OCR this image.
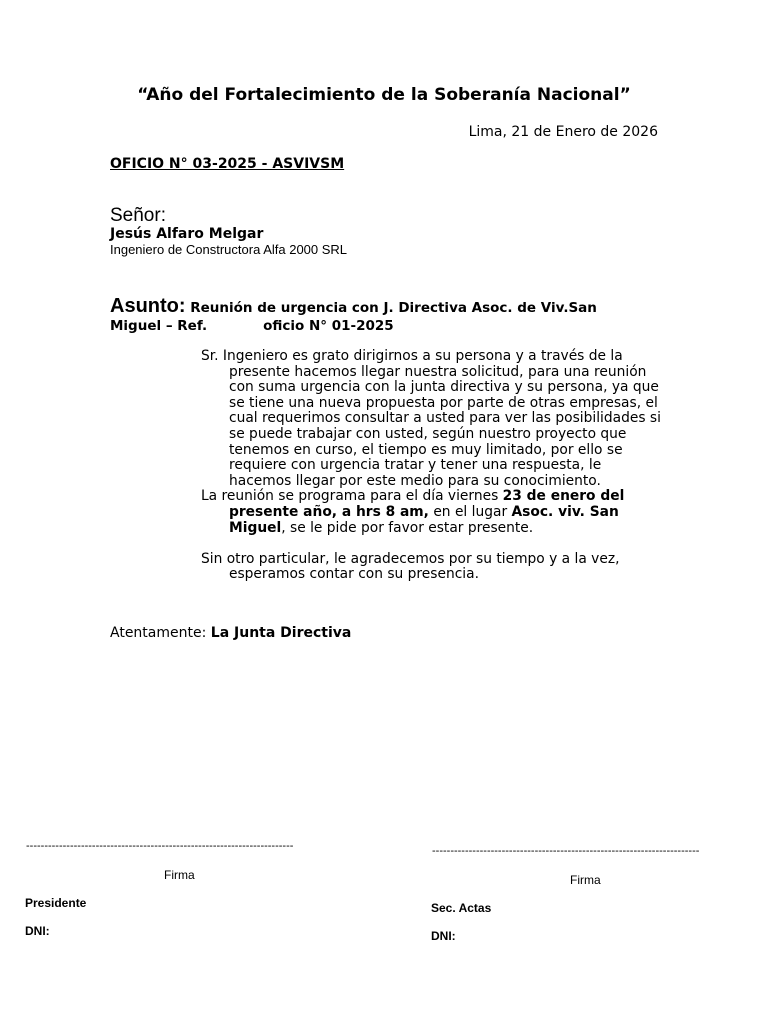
“Año del Fortalecimiento de la Soberanía Nacional”
Lima, 21 de Enero de 2026
OFICIO N° 03-2025 - ASVIVSM
Señor:
Jesús Alfaro Melgar
Ingeniero de Constructora Alfa 2000 SRL
Asunto: Reunión de urgencia con J. Directiva Asoc. de Viv.San
Miguel – Ref.	oficio N° 01-2025

Sr. Ingeniero es grato dirigirnos a su persona y a través de la presente hacemos llegar nuestra solicitud, para una reunión con suma urgencia con la junta directiva y su persona, ya que se tiene una nueva propuesta por parte de otras empresas, el cual requerimos consultar a usted para ver las posibilidades si se puede trabajar con usted, según nuestro proyecto que tenemos en curso, el tiempo es muy limitado, por ello se requiere con urgencia tratar y tener una respuesta, le hacemos llegar por este medio para su conocimiento.

La reunión se programa para el día viernes 23 de enero del presente año, a hrs 8 am, en el lugar Asoc. viv. San Miguel, se le pide por favor estar presente.

Sin otro particular, le agradecemos por su tiempo y a la vez, esperamos contar con su presencia.

Atentamente: La Junta Directiva
-------------------------------------------------------------------------
Firma
Presidente
DNI:
-------------------------------------------------------------------------
Firma
Sec. Actas
DNI:
